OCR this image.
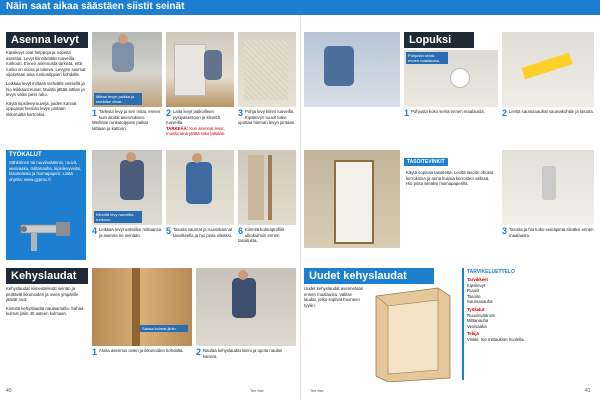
Näin saat aikaa säästäen siistit seinät
Asenna levyt
Kipsilevyt ovat helppoja ja nopeita asentaa. Levyt kiinnitetään ruuveilla runkoon. Ennen asennusta tarkista, että runko on suora ja tukeva. Levyjen saumat sijoitetaan aina runkotolppien kohdalle.
Leikkaa levyt mittaan terävällä veitsellä ja hio leikkausreunat. Muista jättää lattian ja levyn väliin pieni rako.
Käytä kipsilevyruuveja, joiden kannat uppoavat hieman levyn pintaan rikkomatta kartonkia.
TYÖKALUT
Sähköinen tai ruuvinväännin, ruuvit, vesivaaka, mittanauha, kipsilevyveitsi, tasoitelasta ja hiomapaperi. Lisää ohjeita: www.gyproc.fi
Mittaa levyn paikka ja merkitse viivat.
1 Tarkista levy ja sen mitat, ennen kuin aloitat asennuksen. Merkitse runkotolppien paikat lattiaan ja kattoon.
2 Laita levyt paikoilleen pystyasentoon ja kiinnitä ruuveilla.
TARKEÄÄ: Kun asennat levyt, muista aina jättää rako lattiaan.
3 Pohja levy kiinni ruuveilla. Kipsilevyn ruuvit tulee upottaa hieman levyn pintaan.
Kiinnitä levy ruuveilla runkoon.
4 Leikkaa levyt valmiiksi mittaansa ja asenna ne seinään.	5 Tasoita saumat ja ruuvinkannat tasoitteella ja hio pinta sileäksi. 6 Kiinnitä kulmaprofiilit ulkokulmiin ennen tasoitusta.
Kehyslaudat
Kehyslaudat viimeistelevät seinän ja peittävät ikkunoiden ja ovien ympärille jäävät raot.
Kiinnitä kehyslaudat naulaamalla. Sahaa kulmat jiiriin 45 asteen kulmaan.
Sahaa kulmat jiiriin.
1 Aloita asennus ovien ja ikkunoiden kohdalta.	2 Naulaa kehyslaudat kiinni ja upota naulan kannat.
40	Tee itse
Lopuksi
Pohjusta seinä ennen maalausta.
1 Pohjusta koko seinä ennen maalausta.	2 Levitä saumanauhat saumakohtiin ja tasoita.
TASOITEVINKIT
Käytä sopivaa tasoitetta. Levitä tasoite ohuina kerroksina ja anna kuivua kerrosten välissä. Hio pinta sileäksi hiomapaperilla.
3 Tasoita ja hio koko seinäpinta sileäksi ennen maalausta.
Uudet kehyslaudat
Uudet kehyslaudat asennetaan ennen maalausta. Valitse laudat, jotka sopivat huoneen tyyliin.
TARVIKELUETTELO
Tarvikkeet
Kipsilevyt
Ruuvit
Tasoite
Saumanauha
Työkalut
Ruuvinväännin
Mittanauha
Vesivaaka
Tekijä
Vinkki: tee mittaukset huolella.
Tee itse	41
